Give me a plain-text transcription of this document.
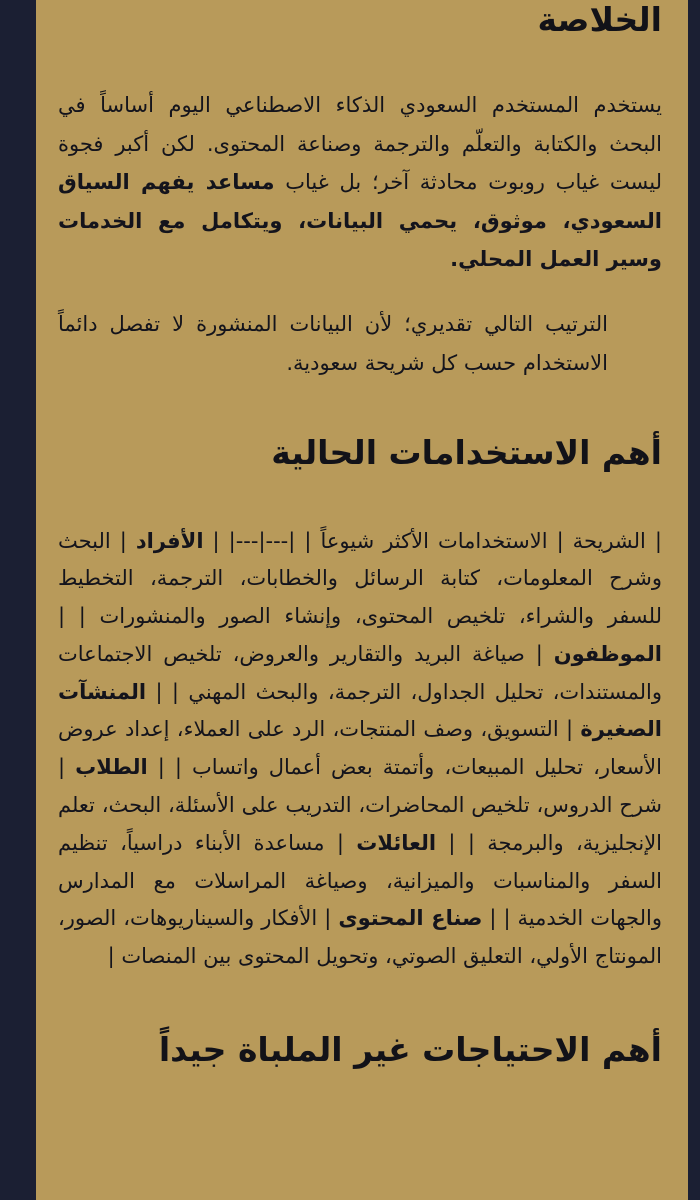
الخلاصة

يستخدم المستخدم السعودي الذكاء الاصطناعي اليوم أساساً في البحث والكتابة والتعلّم والترجمة وصناعة المحتوى. لكن أكبر فجوة ليست غياب روبوت محادثة آخر؛ بل غياب مساعد يفهم السياق السعودي، موثوق، يحمي البيانات، ويتكامل مع الخدمات وسير العمل المحلي.

الترتيب التالي تقديري؛ لأن البيانات المنشورة لا تفصل دائماً الاستخدام حسب كل شريحة سعودية.

أهم الاستخدامات الحالية

| الشريحة | الاستخدامات الأكثر شيوعاً | |---|---| | الأفراد | البحث وشرح المعلومات، كتابة الرسائل والخطابات، الترجمة، التخطيط للسفر والشراء، تلخيص المحتوى، وإنشاء الصور والمنشورات | | الموظفون | صياغة البريد والتقارير والعروض، تلخيص الاجتماعات والمستندات، تحليل الجداول، الترجمة، والبحث المهني | | المنشآت الصغيرة | التسويق، وصف المنتجات، الرد على العملاء، إعداد عروض الأسعار، تحليل المبيعات، وأتمتة بعض أعمال واتساب | | الطلاب | شرح الدروس، تلخيص المحاضرات، التدريب على الأسئلة، البحث، تعلم الإنجليزية، والبرمجة | | العائلات | مساعدة الأبناء دراسياً، تنظيم السفر والمناسبات والميزانية، وصياغة المراسلات مع المدارس والجهات الخدمية | | صناع المحتوى | الأفكار والسيناريوهات، الصور، المونتاج الأولي، التعليق الصوتي، وتحويل المحتوى بين المنصات |

أهم الاحتياجات غير الملباة جيداً
